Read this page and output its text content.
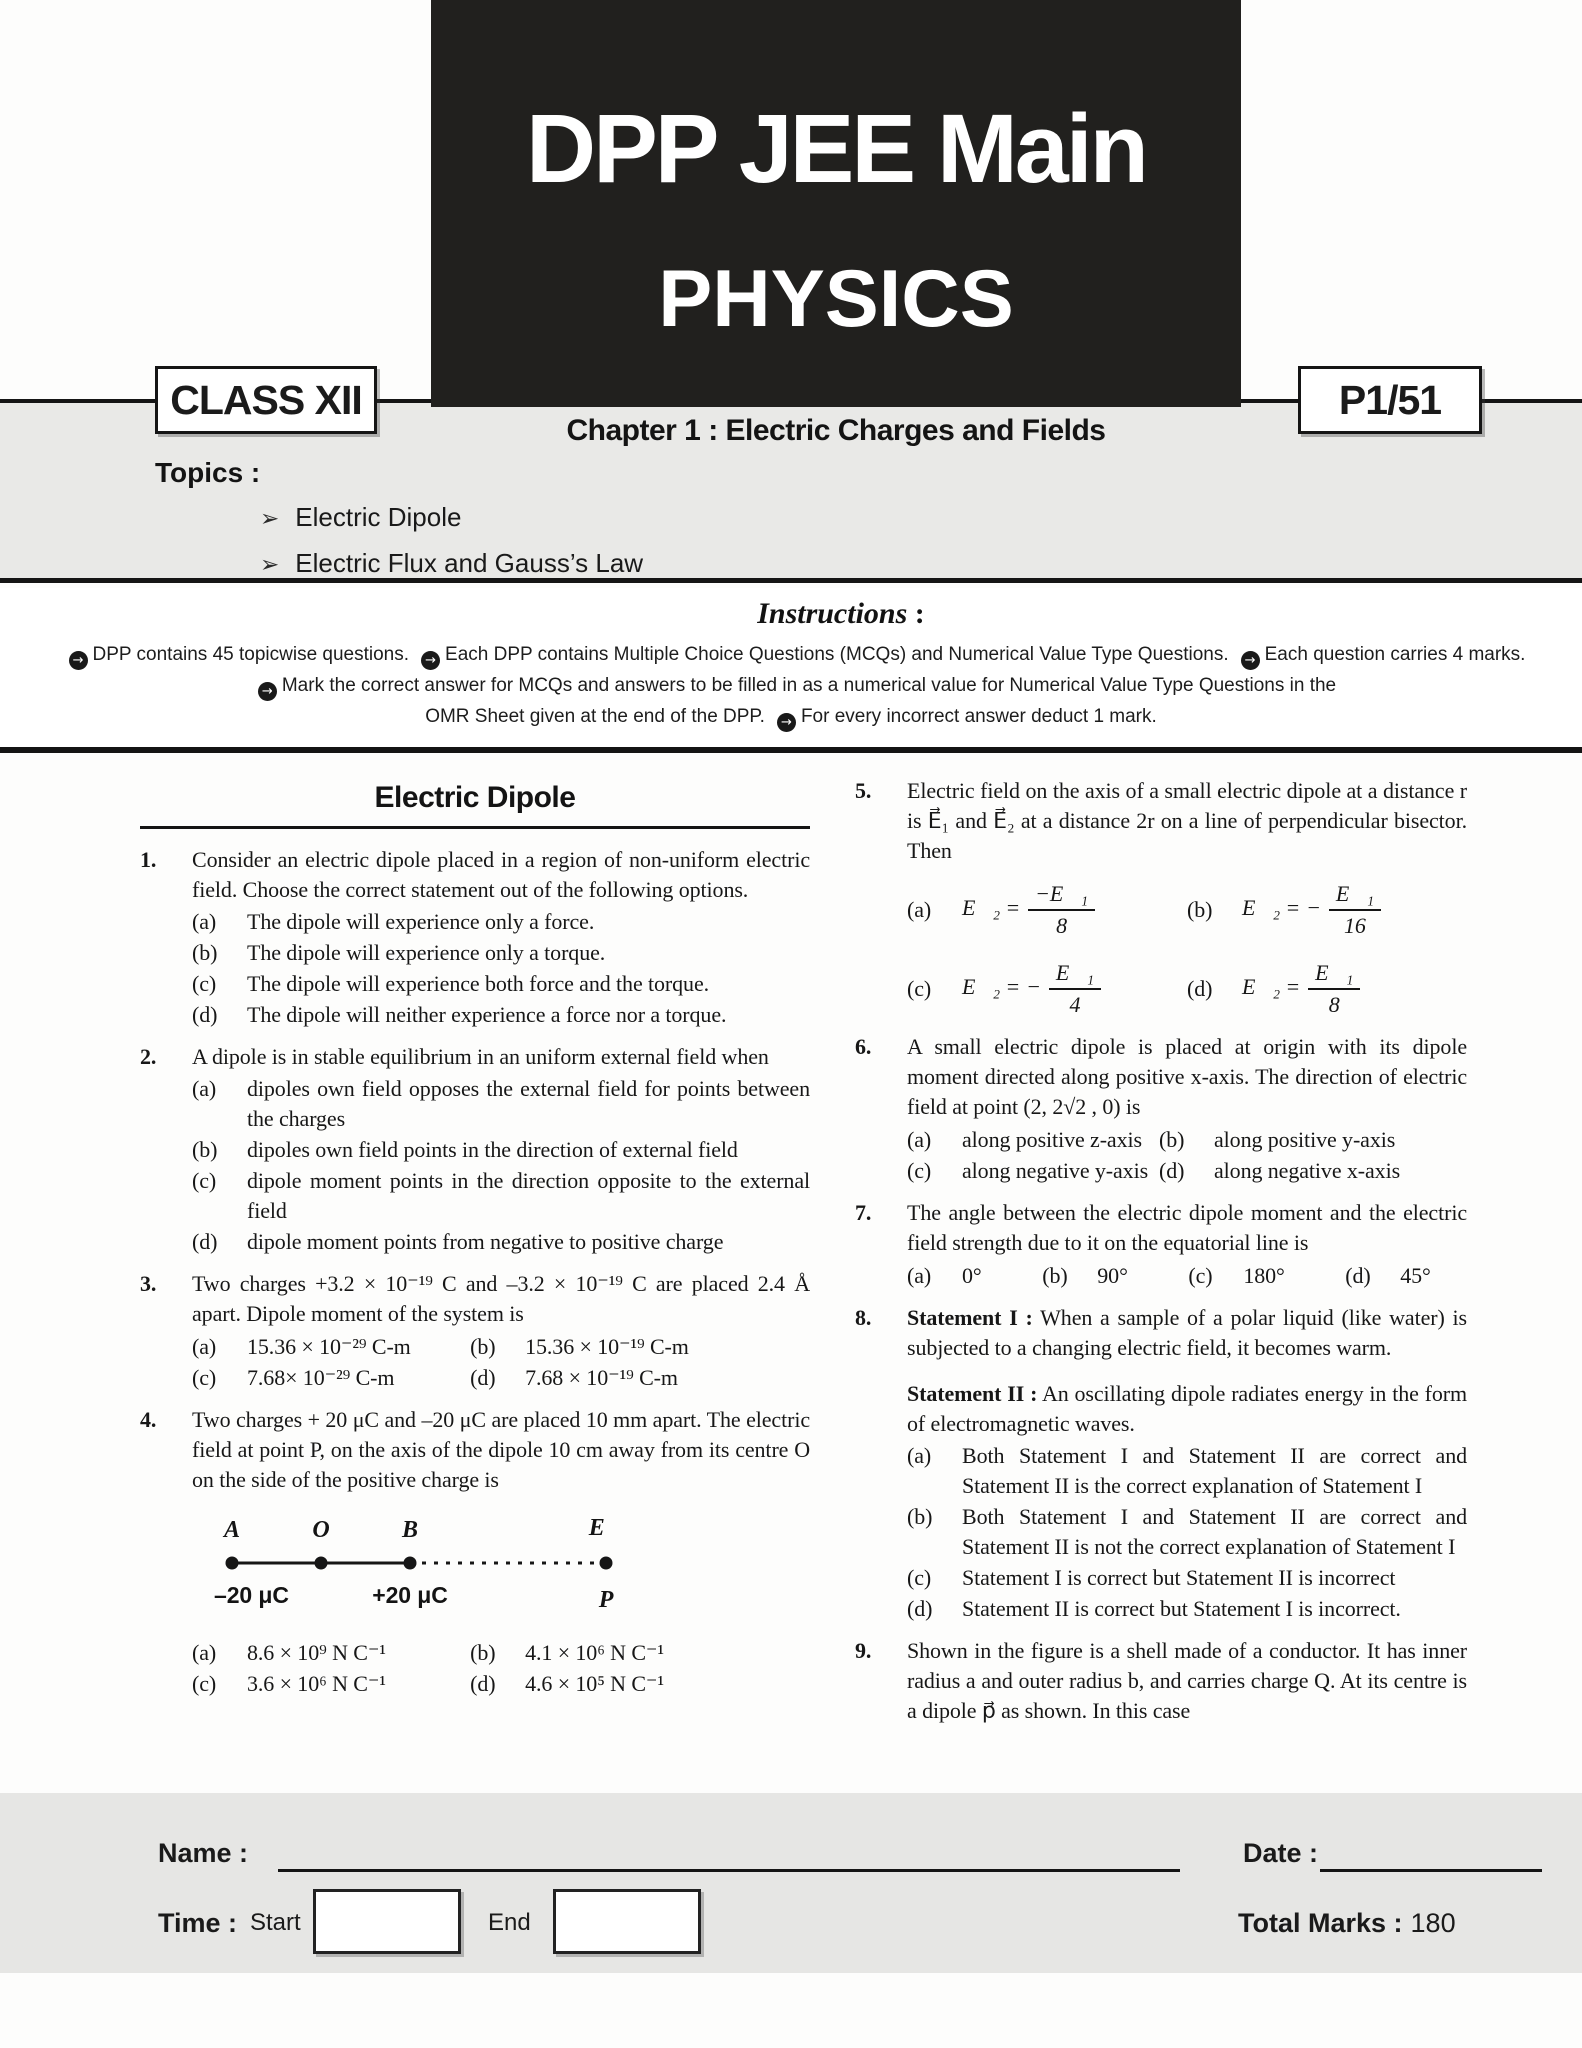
DPP JEE Main
PHYSICS
CLASS XII	P1/51
Chapter 1 : Electric Charges and Fields
Topics :
➢ Electric Dipole
➢ Electric Flux and Gauss’s Law
Instructions :
→ DPP contains 45 topicwise questions. → Each DPP contains Multiple Choice Questions (MCQs) and Numerical Value Type Questions. → Each question carries 4 marks.
→ Mark the correct answer for MCQs and answers to be filled in as a numerical value for Numerical Value Type Questions in the
OMR Sheet given at the end of the DPP. → For every incorrect answer deduct 1 mark.
Electric Dipole
1.	Consider an electric dipole placed in a region of non-uniform electric field. Choose the correct statement out of the following options.
(a)	The dipole will experience only a force.
(b)	The dipole will experience only a torque.
(c)	The dipole will experience both force and the torque.
(d)	The dipole will neither experience a force nor a torque.
2.	A dipole is in stable equilibrium in an uniform external field when
(a)	dipoles own field opposes the external field for points between the charges
(b)	dipoles own field points in the direction of external field
(c)	dipole moment points in the direction opposite to the external field
(d)	dipole moment points from negative to positive charge
3.	Two charges +3.2 × 10⁻¹⁹ C and –3.2 × 10⁻¹⁹ C are placed 2.4 Å apart. Dipole moment of the system is
(a)	15.36 × 10⁻²⁹ C-m	(b)	15.36 × 10⁻¹⁹ C-m
(c)	7.68× 10⁻²⁹ C-m	(d)	7.68 × 10⁻¹⁹ C-m
4.	Two charges + 20 μC and –20 μC are placed 10 mm apart. The electric field at point P, on the axis of the dipole 10 cm away from its centre O on the side of the positive charge is
A	O	B	E⃗
–20 μC	+20 μC	P
(a)	8.6 × 10⁹ N C⁻¹	(b)	4.1 × 10⁶ N C⁻¹
(c)	3.6 × 10⁶ N C⁻¹	(d)	4.6 × 10⁵ N C⁻¹
5.	Electric field on the axis of a small electric dipole at a distance r is E⃗₁ and E⃗₂ at a distance 2r on a line of perpendicular bisector. Then
(a)	E⃗₂ = $\frac{\text{−E⃗₁}}{8}$	(b)	E⃗₂ = − $\frac{\text{E⃗₁}}{16}$
(c)	E⃗₂ = − $\frac{\text{E⃗₁}}{4}$	(d)	E⃗₂ = $\frac{\text{E⃗₁}}{8}$
6.	A small electric dipole is placed at origin with its dipole moment directed along positive x-axis. The direction of electric field at point (2, 2√2 , 0) is
(a)	along positive z-axis (b)	along positive y-axis
(c)	along negative y-axis (d)	along negative x-axis
7.	The angle between the electric dipole moment and the electric field strength due to it on the equatorial line is
(a)	0°	(b)	90°	(c)	180°	(d)	45°
8.	Statement I : When a sample of a polar liquid (like water) is subjected to a changing electric field, it becomes warm.
Statement II : An oscillating dipole radiates energy in the form of electromagnetic waves.
(a)	Both Statement I and Statement II are correct and Statement II is the correct explanation of Statement I
(b)	Both Statement I and Statement II are correct and Statement II is not the correct explanation of Statement I
(c)	Statement I is correct but Statement II is incorrect
(d)	Statement II is correct but Statement I is incorrect.
9.	Shown in the figure is a shell made of a conductor. It has inner radius a and outer radius b, and carries charge Q. At its centre is a dipole p⃗ as shown. In this case
Name :	Date :
Time : Start	End	Total Marks : 180
